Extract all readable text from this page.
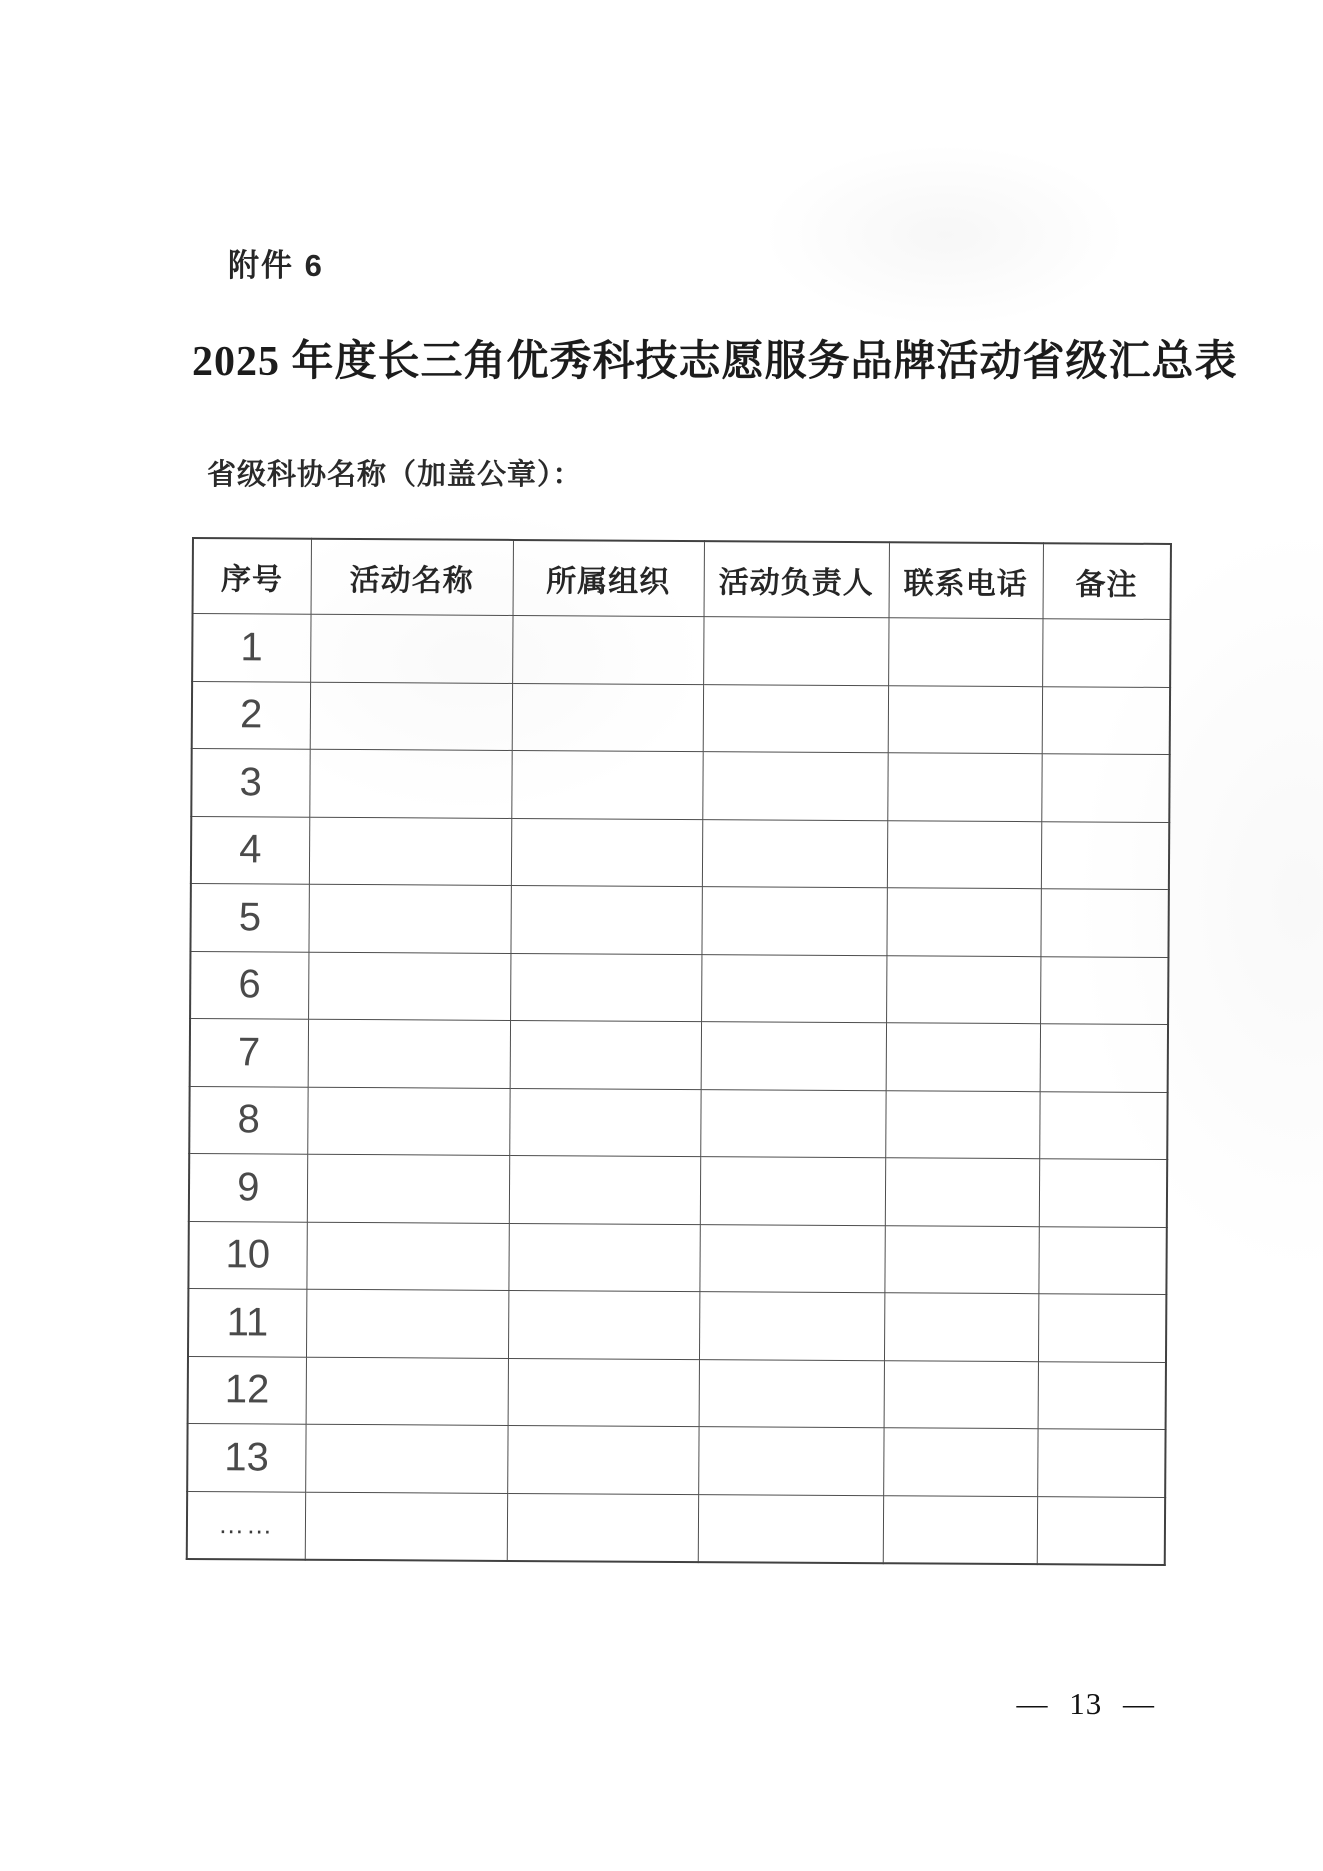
附件 6
2025 年度长三角优秀科技志愿服务品牌活动省级汇总表
省级科协名称（加盖公章）：
序号	活动名称	所属组织	活动负责人	联系电话	备注
1					
2					
3					
4					
5					
6					
7					
8					
9					
10					
11					
12					
13					
……					
— 13 —
